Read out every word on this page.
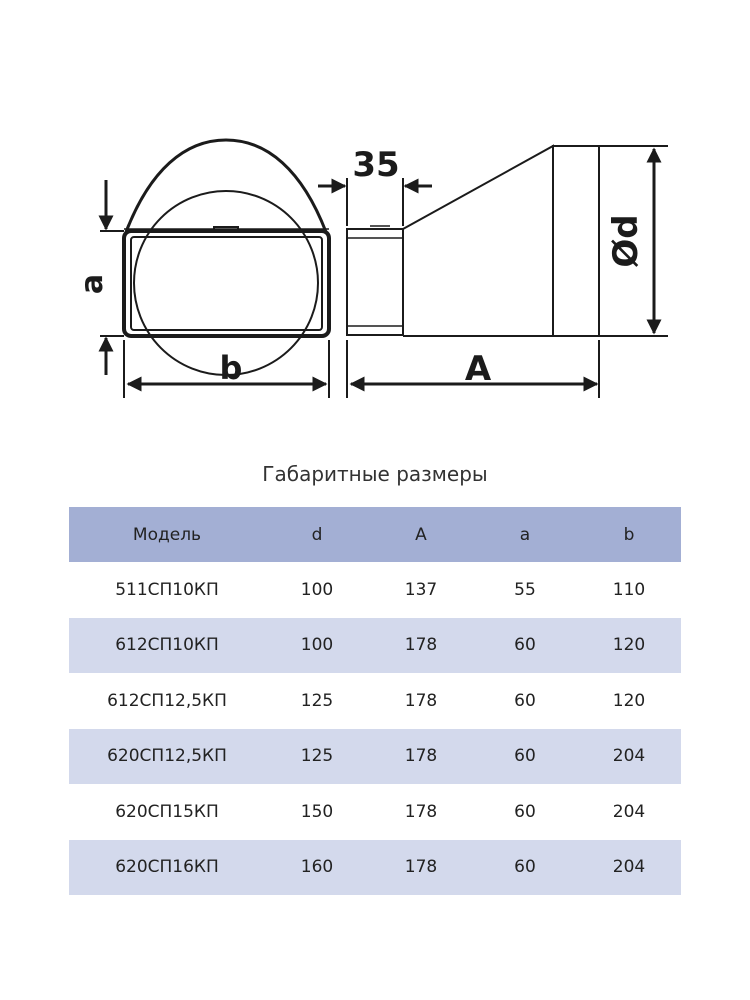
a
b
35
A
Ød
Габаритные размеры
Модель	d	A	a	b
511СП10КП	100	137	55	110
612СП10КП	100	178	60	120
612СП12,5КП	125	178	60	120
620СП12,5КП	125	178	60	204
620СП15КП	150	178	60	204
620СП16КП	160	178	60	204
